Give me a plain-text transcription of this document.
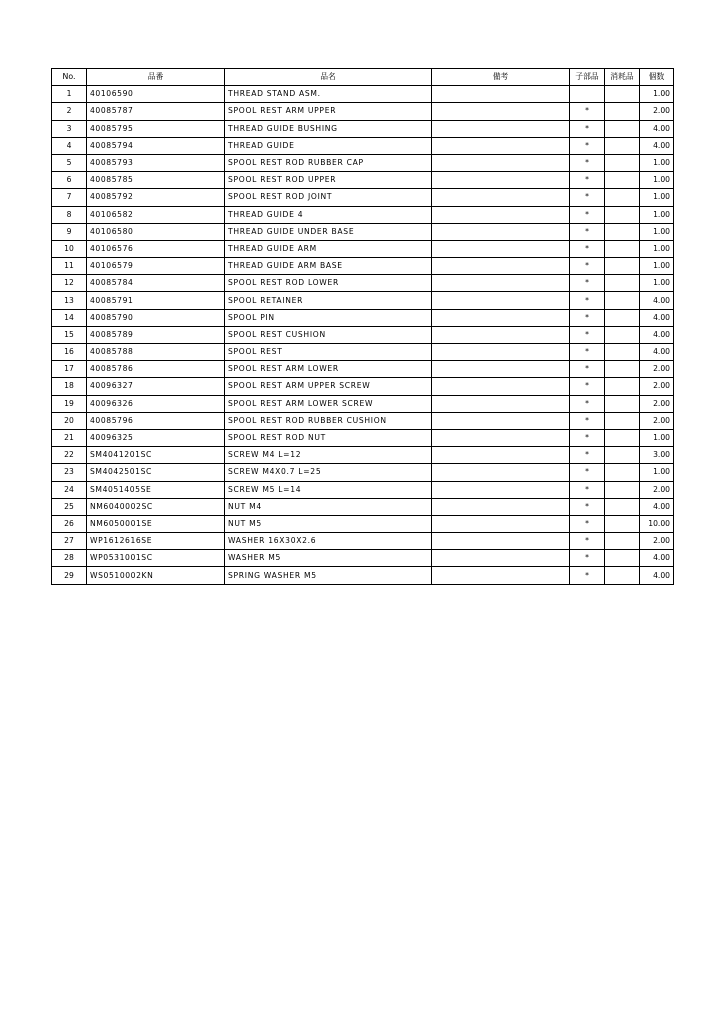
No.	品番	品名	備考	子部品	消耗品	個数
1	40106590	THREAD STAND ASM.				1.00
2	40085787	SPOOL REST ARM UPPER		*		2.00
3	40085795	THREAD GUIDE BUSHING		*		4.00
4	40085794	THREAD GUIDE		*		4.00
5	40085793	SPOOL REST ROD RUBBER CAP		*		1.00
6	40085785	SPOOL REST ROD UPPER		*		1.00
7	40085792	SPOOL REST ROD JOINT		*		1.00
8	40106582	THREAD GUIDE 4		*		1.00
9	40106580	THREAD GUIDE UNDER BASE		*		1.00
10	40106576	THREAD GUIDE ARM		*		1.00
11	40106579	THREAD GUIDE ARM BASE		*		1.00
12	40085784	SPOOL REST ROD LOWER		*		1.00
13	40085791	SPOOL RETAINER		*		4.00
14	40085790	SPOOL PIN		*		4.00
15	40085789	SPOOL REST CUSHION		*		4.00
16	40085788	SPOOL REST		*		4.00
17	40085786	SPOOL REST ARM LOWER		*		2.00
18	40096327	SPOOL REST ARM UPPER SCREW		*		2.00
19	40096326	SPOOL REST ARM LOWER SCREW		*		2.00
20	40085796	SPOOL REST ROD RUBBER CUSHION		*		2.00
21	40096325	SPOOL REST ROD NUT		*		1.00
22	SM4041201SC	SCREW M4 L=12		*		3.00
23	SM4042501SC	SCREW M4X0.7 L=25		*		1.00
24	SM4051405SE	SCREW M5 L=14		*		2.00
25	NM6040002SC	NUT M4		*		4.00
26	NM6050001SE	NUT M5		*		10.00
27	WP1612616SE	WASHER 16X30X2.6		*		2.00
28	WP0531001SC	WASHER M5		*		4.00
29	WS0510002KN	SPRING WASHER M5		*		4.00
